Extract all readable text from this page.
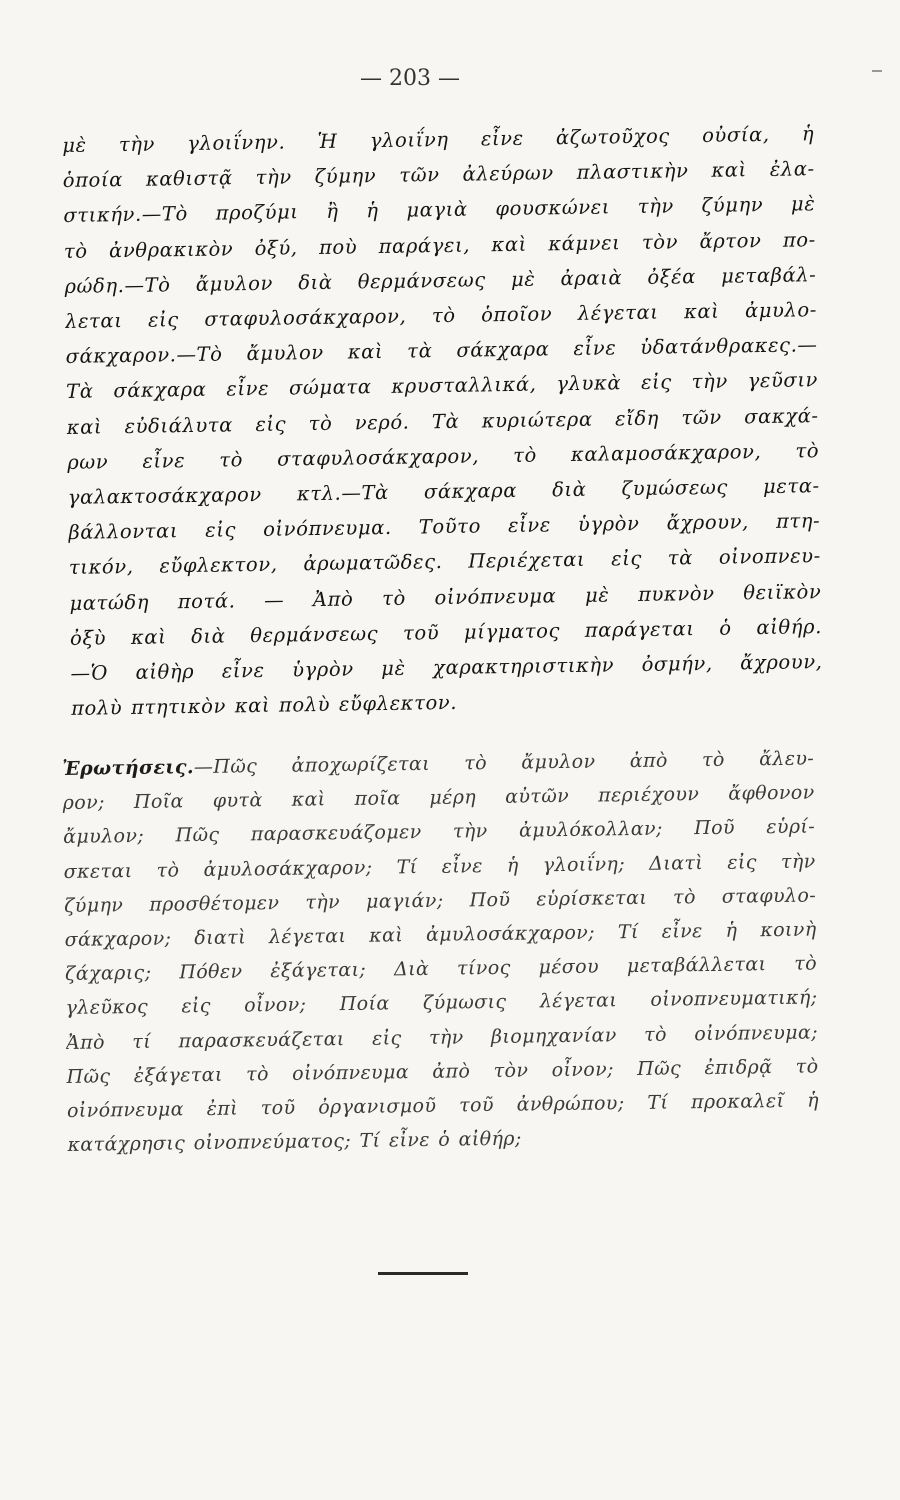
— 203 —
μὲ τὴν γλοιΐνην. Ἡ γλοιΐνη εἶνε ἀζωτοῦχος οὐσία, ἡ
ὁποία καθιστᾷ τὴν ζύμην τῶν ἀλεύρων πλαστικὴν καὶ ἐλα-
στικήν.—Τὸ προζύμι ἢ ἡ μαγιὰ φουσκώνει τὴν ζύμην μὲ
τὸ ἀνθρακικὸν ὀξύ, ποὺ παράγει, καὶ κάμνει τὸν ἄρτον πο-
ρώδη.—Τὸ ἄμυλον διὰ θερμάνσεως μὲ ἀραιὰ ὀξέα μεταβάλ-
λεται εἰς σταφυλοσάκχαρον, τὸ ὁποῖον λέγεται καὶ ἀμυλο-
σάκχαρον.—Τὸ ἄμυλον καὶ τὰ σάκχαρα εἶνε ὑδατάνθρακες.—
Τὰ σάκχαρα εἶνε σώματα κρυσταλλικά, γλυκὰ εἰς τὴν γεῦσιν
καὶ εὐδιάλυτα εἰς τὸ νερό. Τὰ κυριώτερα εἴδη τῶν σακχά-
ρων εἶνε τὸ σταφυλοσάκχαρον, τὸ καλαμοσάκχαρον, τὸ
γαλακτοσάκχαρον κτλ.—Τὰ σάκχαρα διὰ ζυμώσεως μετα-
βάλλονται εἰς οἰνόπνευμα. Τοῦτο εἶνε ὑγρὸν ἄχρουν, πτη-
τικόν, εὔφλεκτον, ἀρωματῶδες. Περιέχεται εἰς τὰ οἰνοπνευ-
ματώδη ποτά. — Ἀπὸ τὸ οἰνόπνευμα μὲ πυκνὸν θειϊκὸν
ὀξὺ καὶ διὰ θερμάνσεως τοῦ μίγματος παράγεται ὁ αἰθήρ.
—Ὁ αἰθὴρ εἶνε ὑγρὸν μὲ χαρακτηριστικὴν ὀσμήν, ἄχρουν,
πολὺ πτητικὸν καὶ πολὺ εὔφλεκτον.
Ἐρωτήσεις.—Πῶς ἀποχωρίζεται τὸ ἄμυλον ἀπὸ τὸ ἄλευ-
ρον; Ποῖα φυτὰ καὶ ποῖα μέρη αὐτῶν περιέχουν ἄφθονον
ἄμυλον; Πῶς παρασκευάζομεν τὴν ἀμυλόκολλαν; Ποῦ εὑρί-
σκεται τὸ ἀμυλοσάκχαρον; Τί εἶνε ἡ γλοιΐνη; Διατὶ εἰς τὴν
ζύμην προσθέτομεν τὴν μαγιάν; Ποῦ εὑρίσκεται τὸ σταφυλο-
σάκχαρον; διατὶ λέγεται καὶ ἀμυλοσάκχαρον; Τί εἶνε ἡ κοινὴ
ζάχαρις; Πόθεν ἐξάγεται; Διὰ τίνος μέσου μεταβάλλεται τὸ
γλεῦκος εἰς οἶνον; Ποία ζύμωσις λέγεται οἰνοπνευματική;
Ἀπὸ τί παρασκευάζεται εἰς τὴν βιομηχανίαν τὸ οἰνόπνευμα;
Πῶς ἐξάγεται τὸ οἰνόπνευμα ἀπὸ τὸν οἶνον; Πῶς ἐπιδρᾷ τὸ
οἰνόπνευμα ἐπὶ τοῦ ὀργανισμοῦ τοῦ ἀνθρώπου; Τί προκαλεῖ ἡ
κατάχρησις οἰνοπνεύματος; Τί εἶνε ὁ αἰθήρ;
